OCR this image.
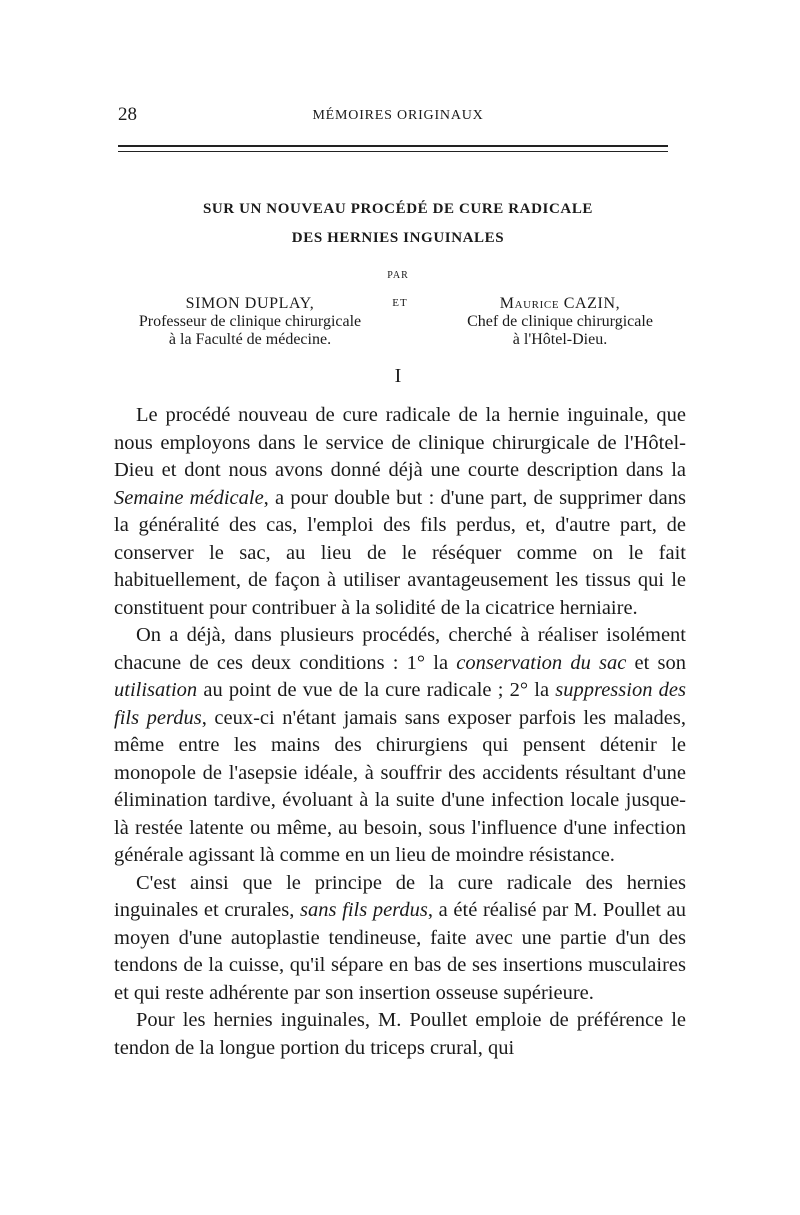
28	MÉMOIRES ORIGINAUX
SUR UN NOUVEAU PROCÉDÉ DE CURE RADICALE
DES HERNIES INGUINALES
PAR
SIMON DUPLAY,
Professeur de clinique chirurgicale
à la Faculté de médecine.
ET	Maurice CAZIN,
Chef de clinique chirurgicale
à l'Hôtel-Dieu.
I

Le procédé nouveau de cure radicale de la hernie inguinale, que nous employons dans le service de clinique chirurgicale de l'Hôtel-Dieu et dont nous avons donné déjà une courte description dans la Semaine médicale, a pour double but : d'une part, de supprimer dans la généralité des cas, l'emploi des fils perdus, et, d'autre part, de conserver le sac, au lieu de le réséquer comme on le fait habituellement, de façon à utiliser avantageusement les tissus qui le constituent pour contribuer à la solidité de la cicatrice herniaire.

On a déjà, dans plusieurs procédés, cherché à réaliser isolément chacune de ces deux conditions : 1° la conservation du sac et son utilisation au point de vue de la cure radicale ; 2° la suppression des fils perdus, ceux-ci n'étant jamais sans exposer parfois les malades, même entre les mains des chirurgiens qui pensent détenir le monopole de l'asepsie idéale, à souffrir des accidents résultant d'une élimination tardive, évoluant à la suite d'une infection locale jusque-là restée latente ou même, au besoin, sous l'influence d'une infection générale agissant là comme en un lieu de moindre résistance.

C'est ainsi que le principe de la cure radicale des hernies inguinales et crurales, sans fils perdus, a été réalisé par M. Poullet au moyen d'une autoplastie tendineuse, faite avec une partie d'un des tendons de la cuisse, qu'il sépare en bas de ses insertions musculaires et qui reste adhérente par son insertion osseuse supérieure.

Pour les hernies inguinales, M. Poullet emploie de préférence le tendon de la longue portion du triceps crural, qui
